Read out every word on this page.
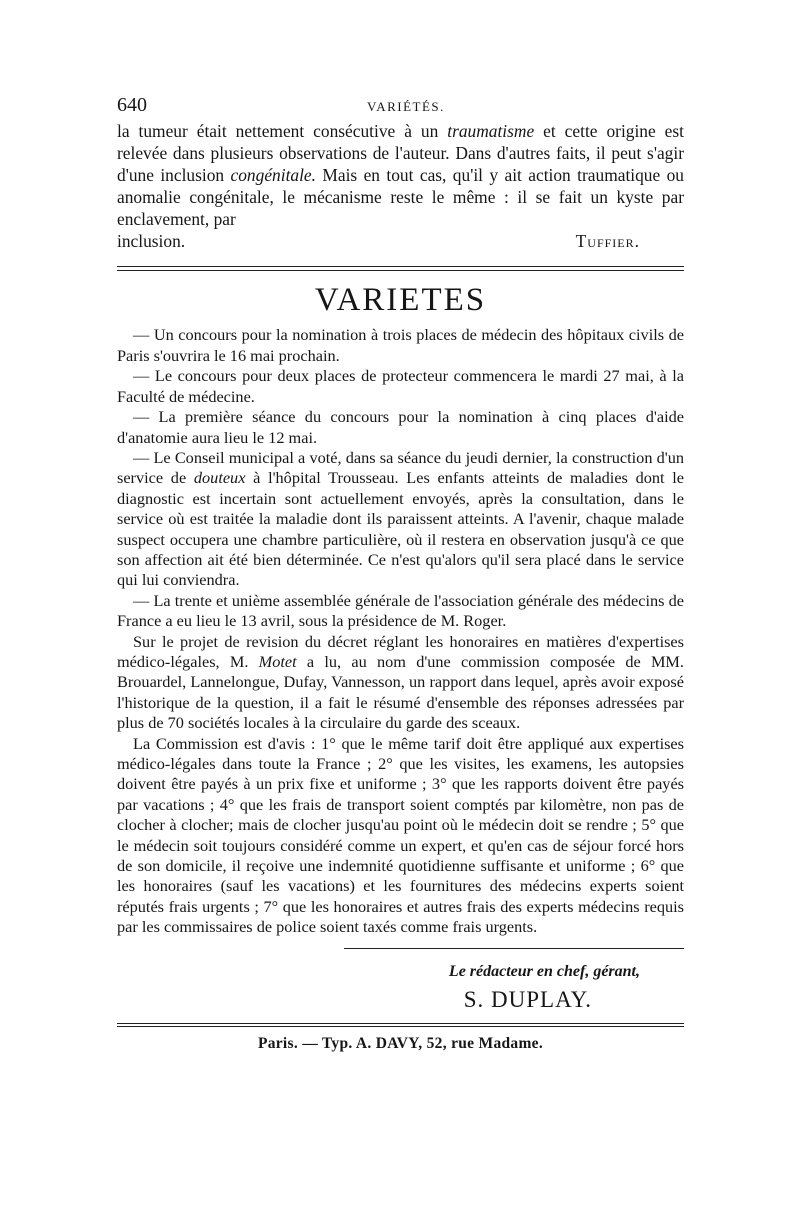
640	VARIÉTÉS.

la tumeur était nettement consécutive à un traumatisme et cette origine est relevée dans plusieurs observations de l'auteur. Dans d'autres faits, il peut s'agir d'une inclusion congénitale. Mais en tout cas, qu'il y ait action traumatique ou anomalie congénitale, le mécanisme reste le même : il se fait un kyste par enclavement, par

inclusion.	Tuffier.
VARIETES

— Un concours pour la nomination à trois places de médecin des hôpitaux civils de Paris s'ouvrira le 16 mai prochain.

— Le concours pour deux places de protecteur commencera le mardi 27 mai, à la Faculté de médecine.

— La première séance du concours pour la nomination à cinq places d'aide d'anatomie aura lieu le 12 mai.

— Le Conseil municipal a voté, dans sa séance du jeudi dernier, la construction d'un service de douteux à l'hôpital Trousseau. Les enfants atteints de maladies dont le diagnostic est incertain sont actuellement envoyés, après la consultation, dans le service où est traitée la maladie dont ils paraissent atteints. A l'avenir, chaque malade suspect occupera une chambre particulière, où il restera en observation jusqu'à ce que son affection ait été bien déterminée. Ce n'est qu'alors qu'il sera placé dans le service qui lui conviendra.

— La trente et unième assemblée générale de l'association générale des médecins de France a eu lieu le 13 avril, sous la présidence de M. Roger.

Sur le projet de revision du décret réglant les honoraires en matières d'expertises médico-légales, M. Motet a lu, au nom d'une commission composée de MM. Brouardel, Lannelongue, Dufay, Vannesson, un rapport dans lequel, après avoir exposé l'historique de la question, il a fait le résumé d'ensemble des réponses adressées par plus de 70 sociétés locales à la circulaire du garde des sceaux.

La Commission est d'avis : 1° que le même tarif doit être appliqué aux expertises médico-légales dans toute la France ; 2° que les visites, les examens, les autopsies doivent être payés à un prix fixe et uniforme ; 3° que les rapports doivent être payés par vacations ; 4° que les frais de transport soient comptés par kilomètre, non pas de clocher à clocher; mais de clocher jusqu'au point où le médecin doit se rendre ; 5° que le médecin soit toujours considéré comme un expert, et qu'en cas de séjour forcé hors de son domicile, il reçoive une indemnité quotidienne suffisante et uniforme ; 6° que les honoraires (sauf les vacations) et les fournitures des médecins experts soient réputés frais urgents ; 7° que les honoraires et autres frais des experts médecins requis par les commissaires de police soient taxés comme frais urgents.

Le rédacteur en chef, gérant,
S. DUPLAY.
Paris. — Typ. A. DAVY, 52, rue Madame.
